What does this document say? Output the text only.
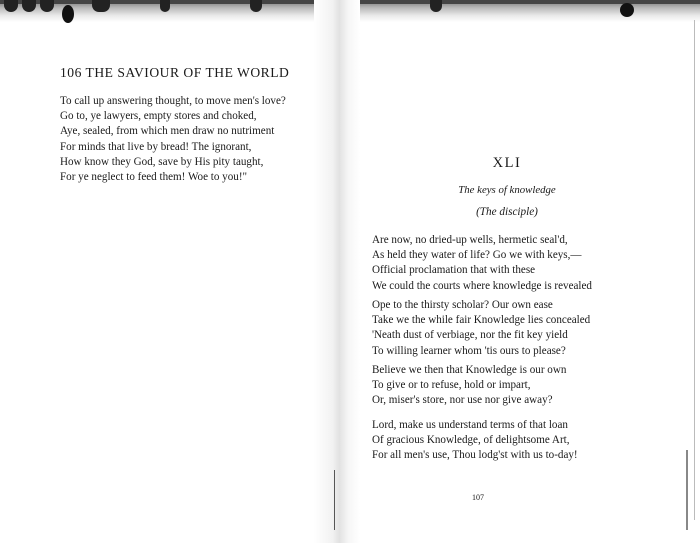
106 THE SAVIOUR OF THE WORLD
To call up answering thought, to move men's love?
Go to, ye lawyers, empty stores and choked,
Aye, sealed, from which men draw no nutriment
For minds that live by bread! The ignorant,
How know they God, save by His pity taught,
For ye neglect to feed them! Woe to you!"
XLI
The keys of knowledge
(The disciple)
Are now, no dried-up wells, hermetic seal'd,
As held they water of life? Go we with keys,—
Official proclamation that with these
We could the courts where knowledge is revealed
Ope to the thirsty scholar? Our own ease
Take we the while fair Knowledge lies concealed
'Neath dust of verbiage, nor the fit key yield
To willing learner whom 'tis ours to please?
Believe we then that Knowledge is our own
To give or to refuse, hold or impart,
Or, miser's store, nor use nor give away?
Lord, make us understand terms of that loan
Of gracious Knowledge, of delightsome Art,
For all men's use, Thou lodg'st with us to-day!
107
